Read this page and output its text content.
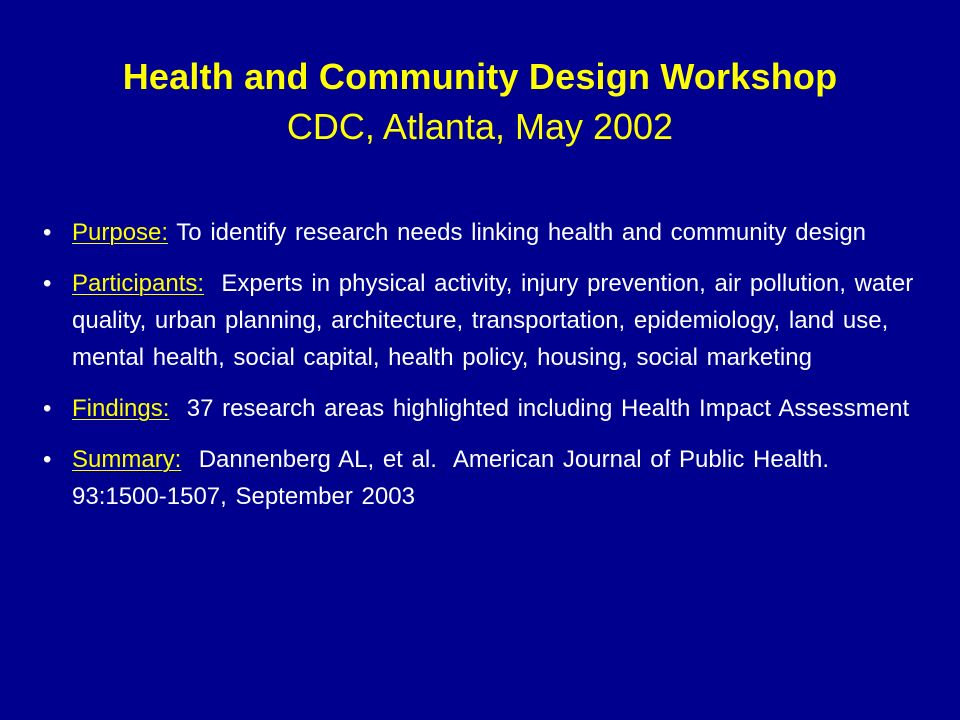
Health and Community Design Workshop
CDC, Atlanta, May 2002
• Purpose: To identify research needs linking health and community design
• Participants:  Experts in physical activity, injury prevention, air pollution, water quality, urban planning, architecture, transportation, epidemiology, land use, mental health, social capital, health policy, housing, social marketing
• Findings:  37 research areas highlighted including Health Impact Assessment
• Summary:  Dannenberg AL, et al.  American Journal of Public Health.  93:1500-1507, September 2003
